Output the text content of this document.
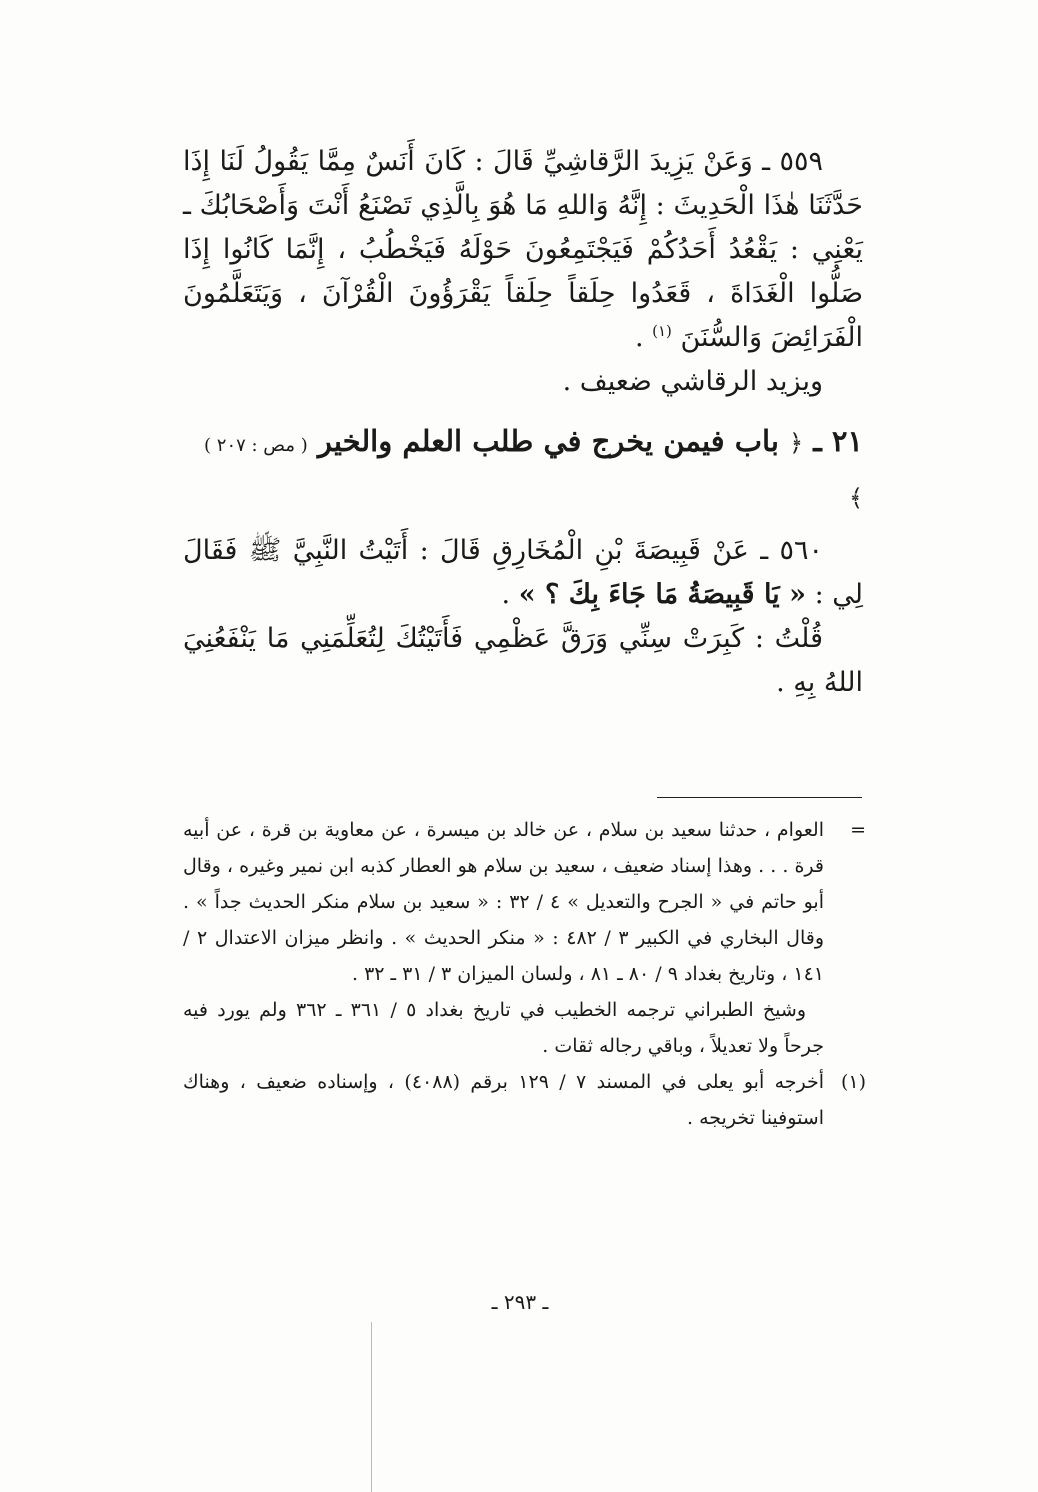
٥٥٩ ـ وَعَنْ يَزِيدَ الرَّقاشِيِّ قَالَ : كَانَ أَنَسٌ مِمَّا يَقُولُ لَنَا إِذَا حَدَّثَنَا هٰذَا الْحَدِيثَ : إِنَّهُ وَاللهِ مَا هُوَ بِالَّذِي تَصْنَعُ أَنْتَ وَأَصْحَابُكَ ـ يَعْنِي : يَقْعُدُ أَحَدُكُمْ فَيَجْتَمِعُونَ حَوْلَهُ فَيَخْطُبُ ، إِنَّمَا كَانُوا إِذَا صَلُّوا الْغَدَاةَ ، قَعَدُوا حِلَقاً حِلَقاً يَقْرَؤُونَ الْقُرْآنَ ، وَيَتَعَلَّمُونَ الْفَرَائِضَ وَالسُّنَنَ $^{(١)}$ .

ويزيد الرقاشي ضعيف .

٢١ ـ ﴿ باب فيمن يخرج في طلب العلم والخير ( مص : ٢٠٧ ) ﴾

٥٦٠ ـ عَنْ قَبِيصَةَ بْنِ الْمُخَارِقِ قَالَ : أَتَيْتُ النَّبِيَّ ﷺ فَقَالَ لِي : « يَا قَبِيصَةُ مَا جَاءَ بِكَ ؟ » .

قُلْتُ : كَبِرَتْ سِنِّي وَرَقَّ عَظْمِي فَأَتَيْتُكَ لِتُعَلِّمَنِي مَا يَنْفَعُنِيَ اللهُ بِهِ .

=

العوام ، حدثنا سعيد بن سلام ، عن خالد بن ميسرة ، عن معاوية بن قرة ، عن أبيه قرة . . . وهذا إسناد ضعيف ، سعيد بن سلام هو العطار كذبه ابن نمير وغيره ، وقال أبو حاتم في « الجرح والتعديل » ٤ / ٣٢ : « سعيد بن سلام منكر الحديث جداً » . وقال البخاري في الكبير ٣ / ٤٨٢ : « منكر الحديث » . وانظر ميزان الاعتدال ٢ / ١٤١ ، وتاريخ بغداد ٩ / ٨٠ ـ ٨١ ، ولسان الميزان ٣ / ٣١ ـ ٣٢ .

وشيخ الطبراني ترجمه الخطيب في تاريخ بغداد ٥ / ٣٦١ ـ ٣٦٢ ولم يورد فيه جرحاً ولا تعديلاً ، وباقي رجاله ثقات .

(١)

أخرجه أبو يعلى في المسند ٧ / ١٢٩ برقم (٤٠٨٨) ، وإسناده ضعيف ، وهناك استوفينا تخريجه .

ـ ٢٩٣ ـ
